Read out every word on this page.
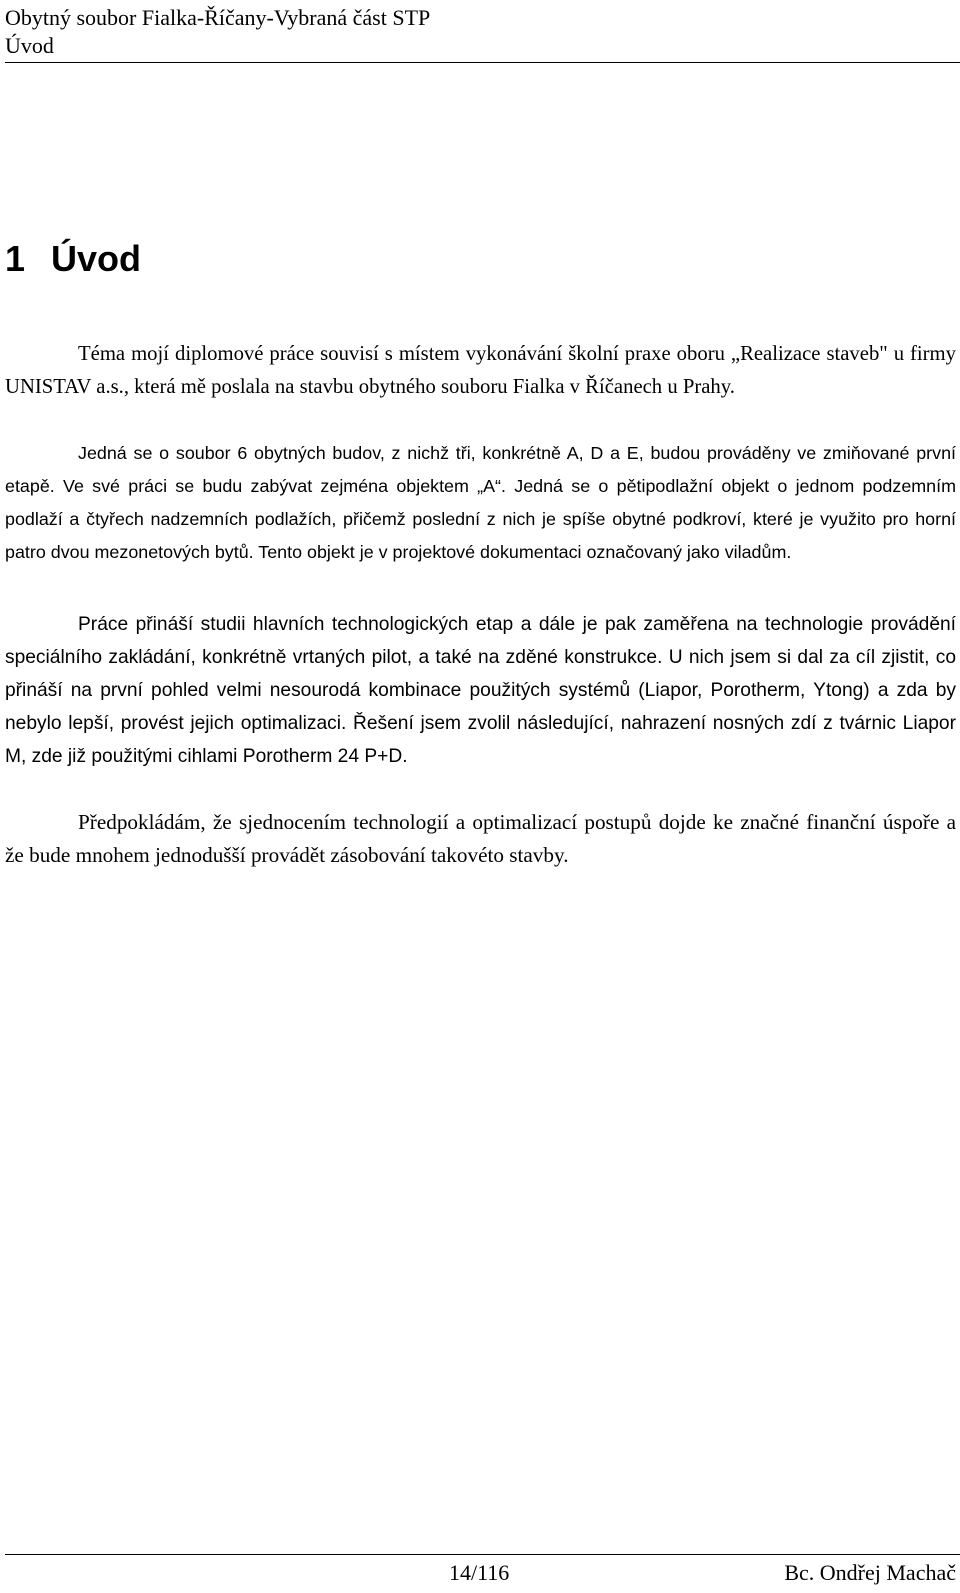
Obytný soubor Fialka-Říčany-Vybraná část STP
Úvod
1 Úvod

Téma mojí diplomové práce souvisí s místem vykonávání školní praxe oboru „Realizace staveb" u firmy UNISTAV a.s., která mě poslala na stavbu obytného souboru Fialka v Říčanech u Prahy.

Jedná se o soubor 6 obytných budov, z nichž tři, konkrétně A, D a E, budou prováděny ve zmiňované první etapě. Ve své práci se budu zabývat zejména objektem „A“. Jedná se o pětipodlažní objekt o jednom podzemním podlaží a čtyřech nadzemních podlažích, přičemž poslední z nich je spíše obytné podkroví, které je využito pro horní patro dvou mezonetových bytů. Tento objekt je v projektové dokumentaci označovaný jako viladům.

Práce přináší studii hlavních technologických etap a dále je pak zaměřena na technologie provádění speciálního zakládání, konkrétně vrtaných pilot, a také na zděné konstrukce. U nich jsem si dal za cíl zjistit, co přináší na první pohled velmi nesourodá kombinace použitých systémů (Liapor, Porotherm, Ytong) a zda by nebylo lepší, provést jejich optimalizaci. Řešení jsem zvolil následující, nahrazení nosných zdí z tvárnic Liapor M, zde již použitými cihlami Porotherm 24 P+D.

Předpokládám, že sjednocením technologií a optimalizací postupů dojde ke značné finanční úspoře a že bude mnohem jednodušší provádět zásobování takovéto stavby.

14/116	Bc. Ondřej Machač
